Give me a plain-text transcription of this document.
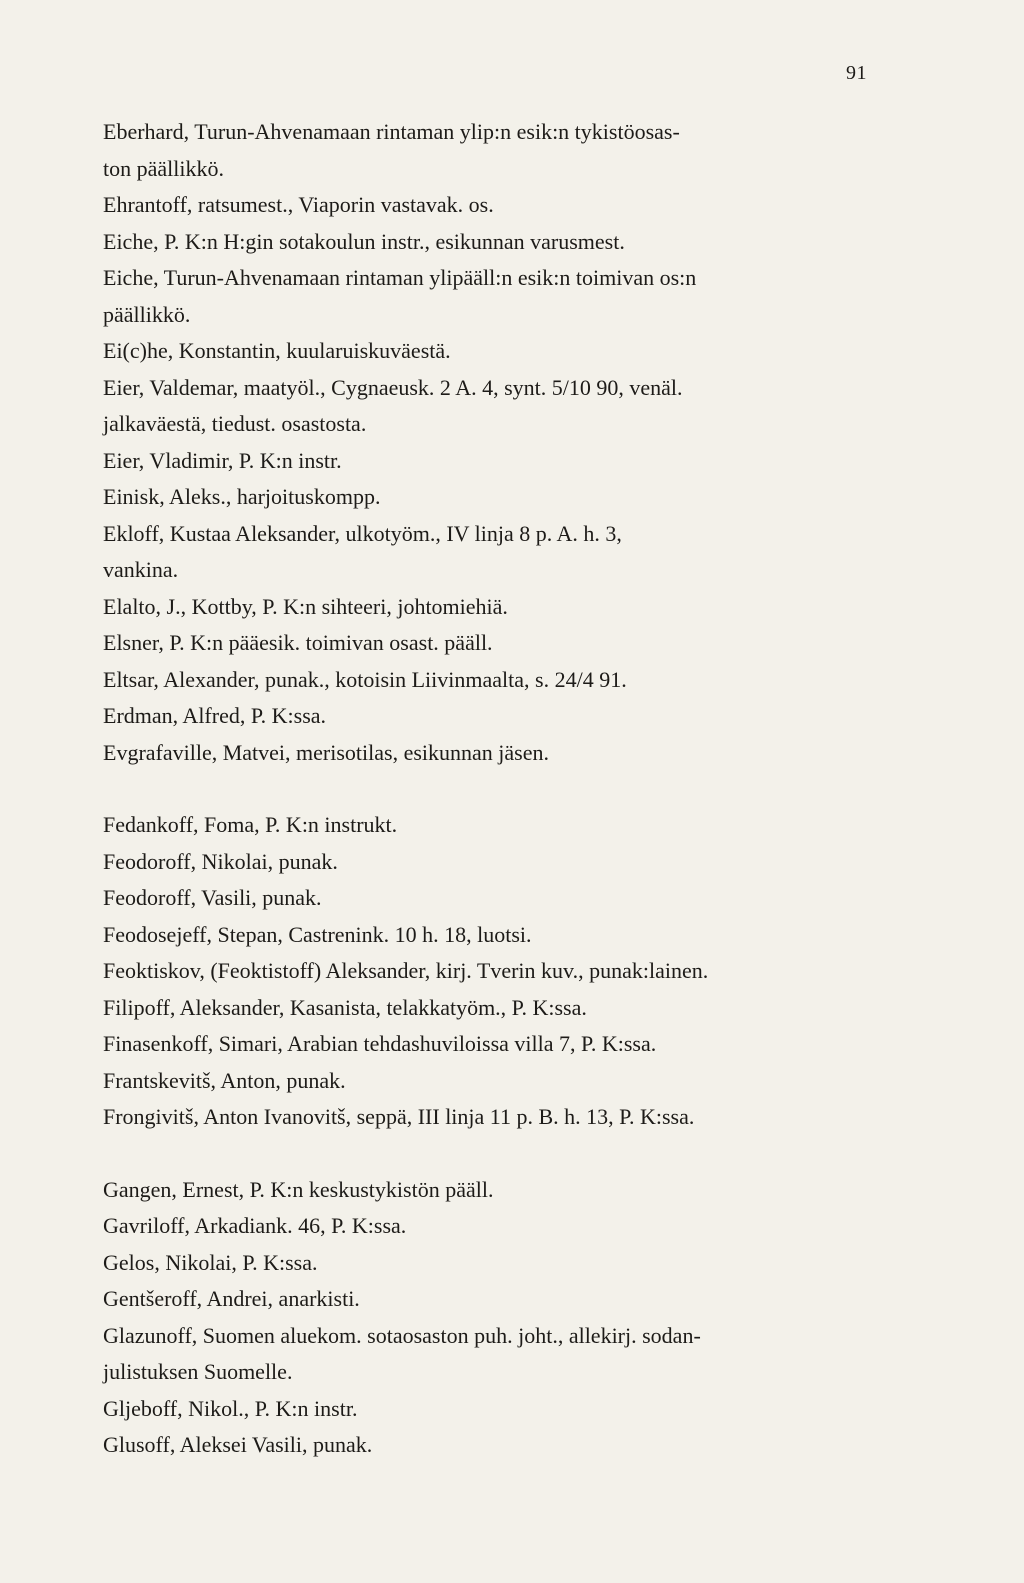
91
Eberhard, Turun-Ahvenamaan rintaman ylip:n esik:n tykistöosas-
ton päällikkö.
Ehrantoff, ratsumest., Viaporin vastavak. os.
Eiche, P. K:n H:gin sotakoulun instr., esikunnan varusmest.
Eiche, Turun-Ahvenamaan rintaman ylipääll:n esik:n toimivan os:n
päällikkö.
Ei(c)he, Konstantin, kuularuiskuväestä.
Eier, Valdemar, maatyöl., Cygnaeusk. 2 A. 4, synt. 5/10 90, venäl.
jalkaväestä, tiedust. osastosta.
Eier, Vladimir, P. K:n instr.
Einisk, Aleks., harjoituskompp.
Ekloff, Kustaa Aleksander, ulkotyöm., IV linja 8 p. A. h. 3,
vankina.
Elalto, J., Kottby, P. K:n sihteeri, johtomiehiä.
Elsner, P. K:n pääesik. toimivan osast. pääll.
Eltsar, Alexander, punak., kotoisin Liivinmaalta, s. 24/4 91.
Erdman, Alfred, P. K:ssa.
Evgrafaville, Matvei, merisotilas, esikunnan jäsen.
Fedankoff, Foma, P. K:n instrukt.
Feodoroff, Nikolai, punak.
Feodoroff, Vasili, punak.
Feodosejeff, Stepan, Castrenink. 10 h. 18, luotsi.
Feoktiskov, (Feoktistoff) Aleksander, kirj. Tverin kuv., punak:lainen.
Filipoff, Aleksander, Kasanista, telakkatyöm., P. K:ssa.
Finasenkoff, Simari, Arabian tehdashuviloissa villa 7, P. K:ssa.
Frantskevitš, Anton, punak.
Frongivitš, Anton Ivanovitš, seppä, III linja 11 p. B. h. 13, P. K:ssa.
Gangen, Ernest, P. K:n keskustykistön pääll.
Gavriloff, Arkadiank. 46, P. K:ssa.
Gelos, Nikolai, P. K:ssa.
Gentšeroff, Andrei, anarkisti.
Glazunoff, Suomen aluekom. sotaosaston puh. joht., allekirj. sodan-
julistuksen Suomelle.
Gljeboff, Nikol., P. K:n instr.
Glusoff, Aleksei Vasili, punak.
